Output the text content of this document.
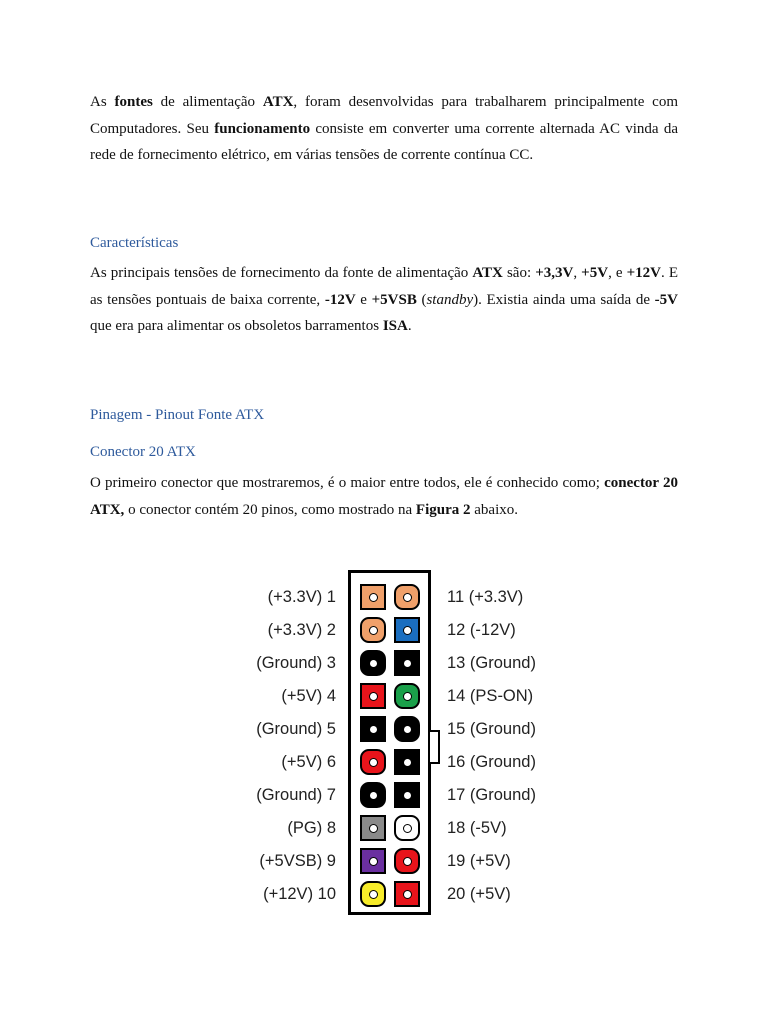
As fontes de alimentação ATX, foram desenvolvidas para trabalharem principalmente com Computadores. Seu funcionamento consiste em converter uma corrente alternada AC vinda da rede de fornecimento elétrico, em várias tensões de corrente contínua CC.

Características

As principais tensões de fornecimento da fonte de alimentação ATX são: +3,3V, +5V, e +12V. E as tensões pontuais de baixa corrente, -12V e +5VSB (standby). Existia ainda uma saída de -5V que era para alimentar os obsoletos barramentos ISA.

Pinagem - Pinout Fonte ATX
Conector 20 ATX

O primeiro conector que mostraremos, é o maior entre todos, ele é conhecido como; conector 20 ATX, o conector contém 20 pinos, como mostrado na Figura 2 abaixo.

(+3.3V) 1
(+3.3V) 2
(Ground) 3
(+5V) 4
(Ground) 5
(+5V) 6
(Ground) 7
(PG) 8
(+5VSB) 9
(+12V) 10
11 (+3.3V)
12 (-12V)
13 (Ground)
14 (PS-ON)
15 (Ground)
16 (Ground)
17 (Ground)
18 (-5V)
19 (+5V)
20 (+5V)
